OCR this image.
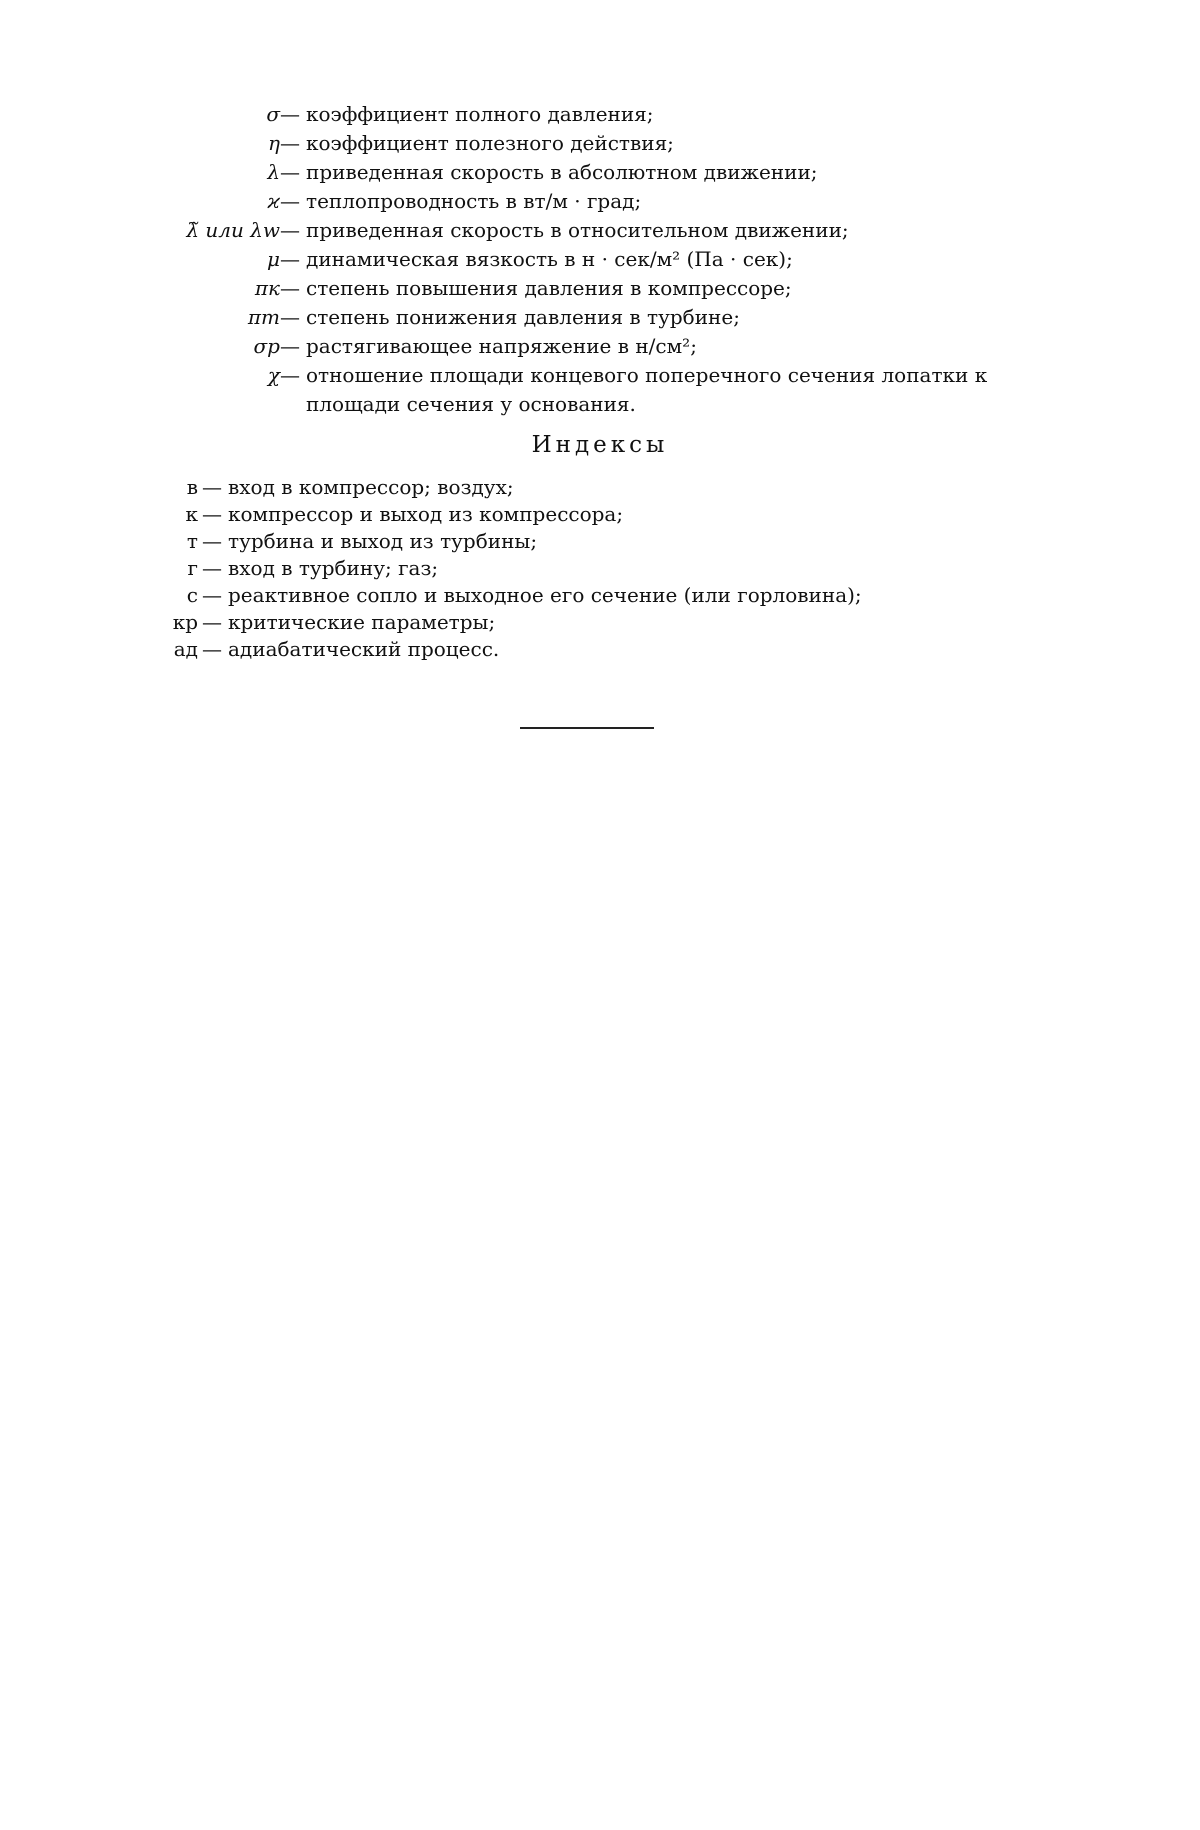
σ — коэффициент полного давления;
η — коэффициент полезного действия;
λ — приведенная скорость в абсолютном движении;
ϰ — теплопроводность в вт/м · град;
λ̃ или λw — приведенная скорость в относительном движении;
μ — динамическая вязкость в н · сек/м² (Па · сек);
πк — степень повышения давления в компрессоре;
πт — степень понижения давления в турбине;
σр — растягивающее напряжение в н/см²;
χ — отношение площади концевого поперечного сечения лопатки к площади сечения у основания.
Индексы
в — вход в компрессор; воздух;
к — компрессор и выход из компрессора;
т — турбина и выход из турбины;
г — вход в турбину; газ;
с — реактивное сопло и выходное его сечение (или горловина);
кр — критические параметры;
ад — адиабатический процесс.
